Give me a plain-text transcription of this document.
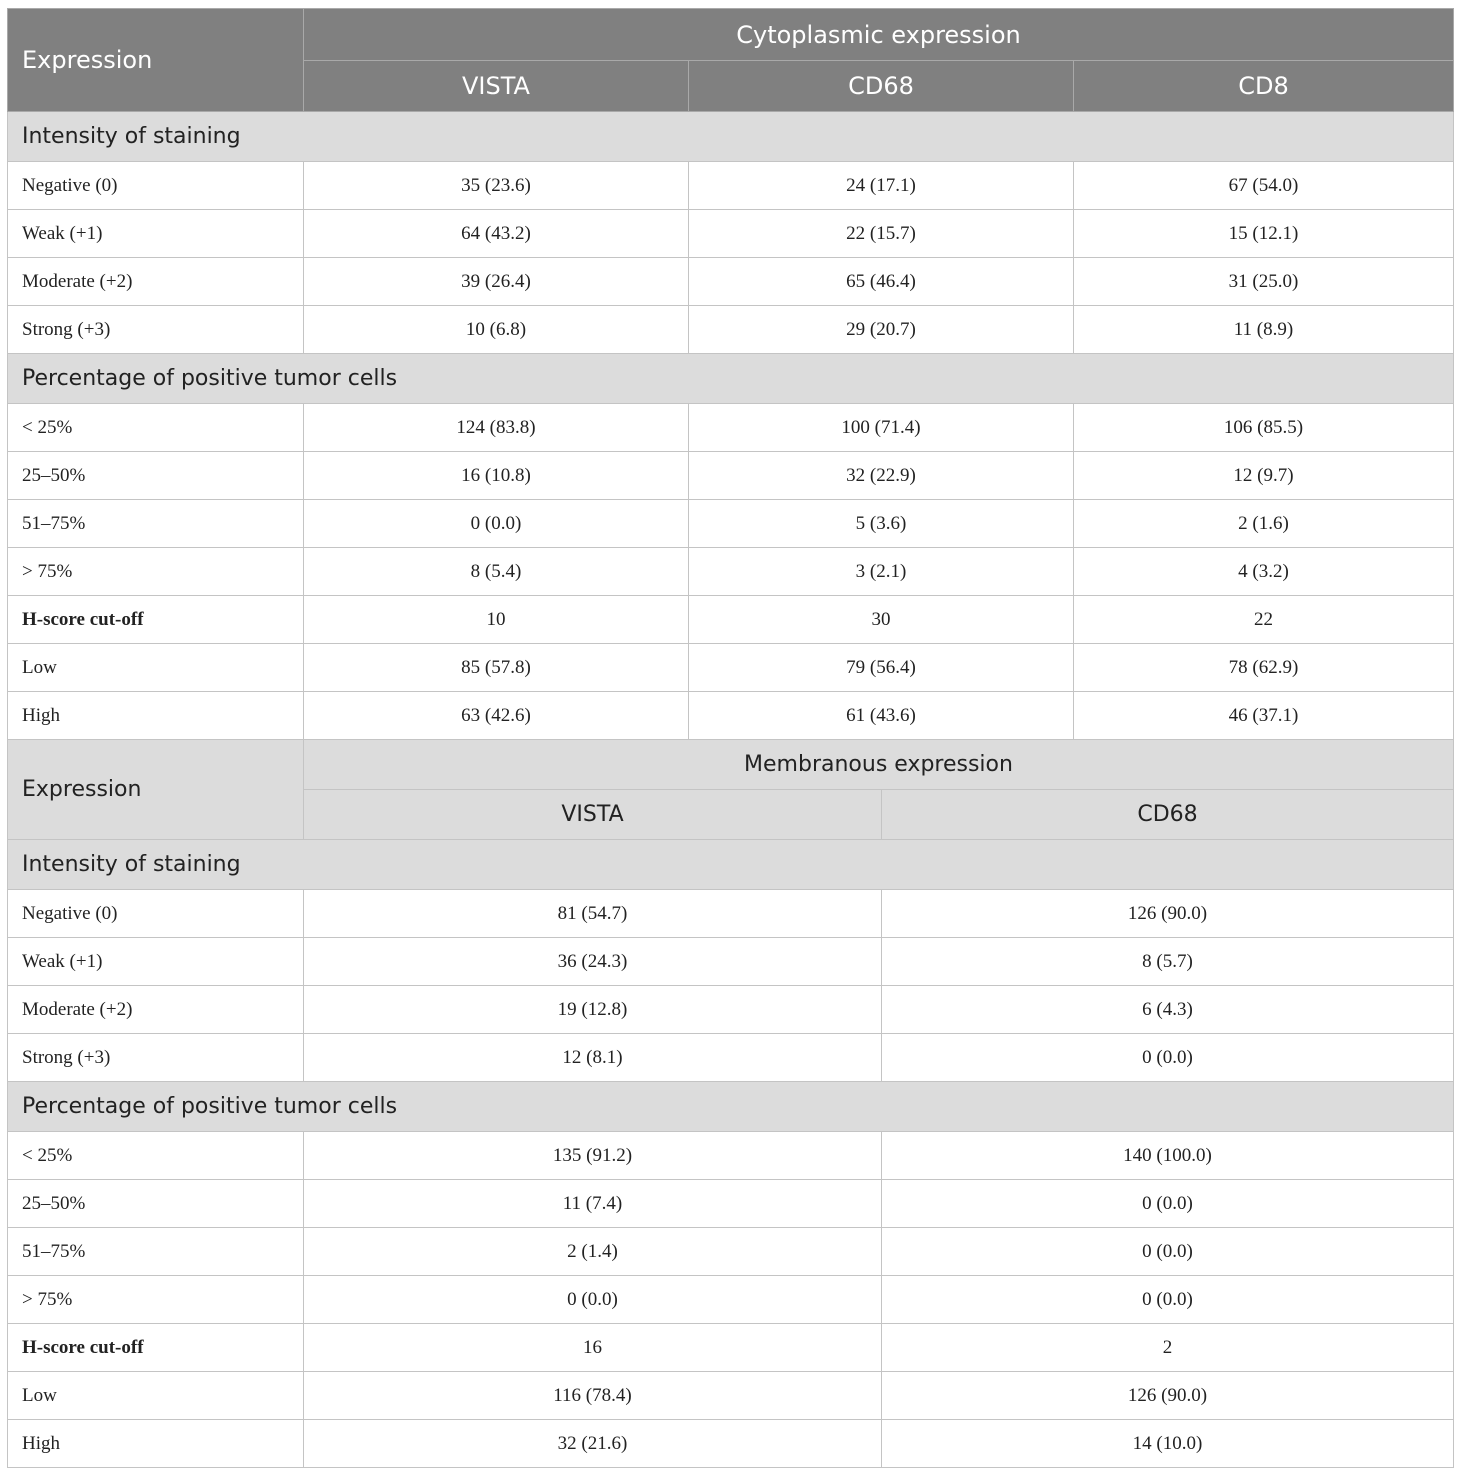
Expression	Cytoplasmic expression			
	VISTA	CD68		CD8
Intensity of staining				
Negative (0)	35 (23.6)	24 (17.1)		67 (54.0)
Weak (+1)	64 (43.2)	22 (15.7)		15 (12.1)
Moderate (+2)	39 (26.4)	65 (46.4)		31 (25.0)
Strong (+3)	10 (6.8)	29 (20.7)		11 (8.9)
Percentage of positive tumor cells				
< 25%	124 (83.8)	100 (71.4)		106 (85.5)
25–50%	16 (10.8)	32 (22.9)		12 (9.7)
51–75%	0 (0.0)	5 (3.6)		2 (1.6)
> 75%	8 (5.4)	3 (2.1)		4 (3.2)
H-score cut-off	10	30		22
Low	85 (57.8)	79 (56.4)		78 (62.9)
High	63 (42.6)	61 (43.6)		46 (37.1)
Expression	Membranous expression			
	VISTA		CD68	
Intensity of staining				
Negative (0)	81 (54.7)		126 (90.0)	
Weak (+1)	36 (24.3)		8 (5.7)	
Moderate (+2)	19 (12.8)		6 (4.3)	
Strong (+3)	12 (8.1)		0 (0.0)	
Percentage of positive tumor cells				
< 25%	135 (91.2)		140 (100.0)	
25–50%	11 (7.4)		0 (0.0)	
51–75%	2 (1.4)		0 (0.0)	
> 75%	0 (0.0)		0 (0.0)	
H-score cut-off	16		2	
Low	116 (78.4)		126 (90.0)	
High	32 (21.6)		14 (10.0)	
